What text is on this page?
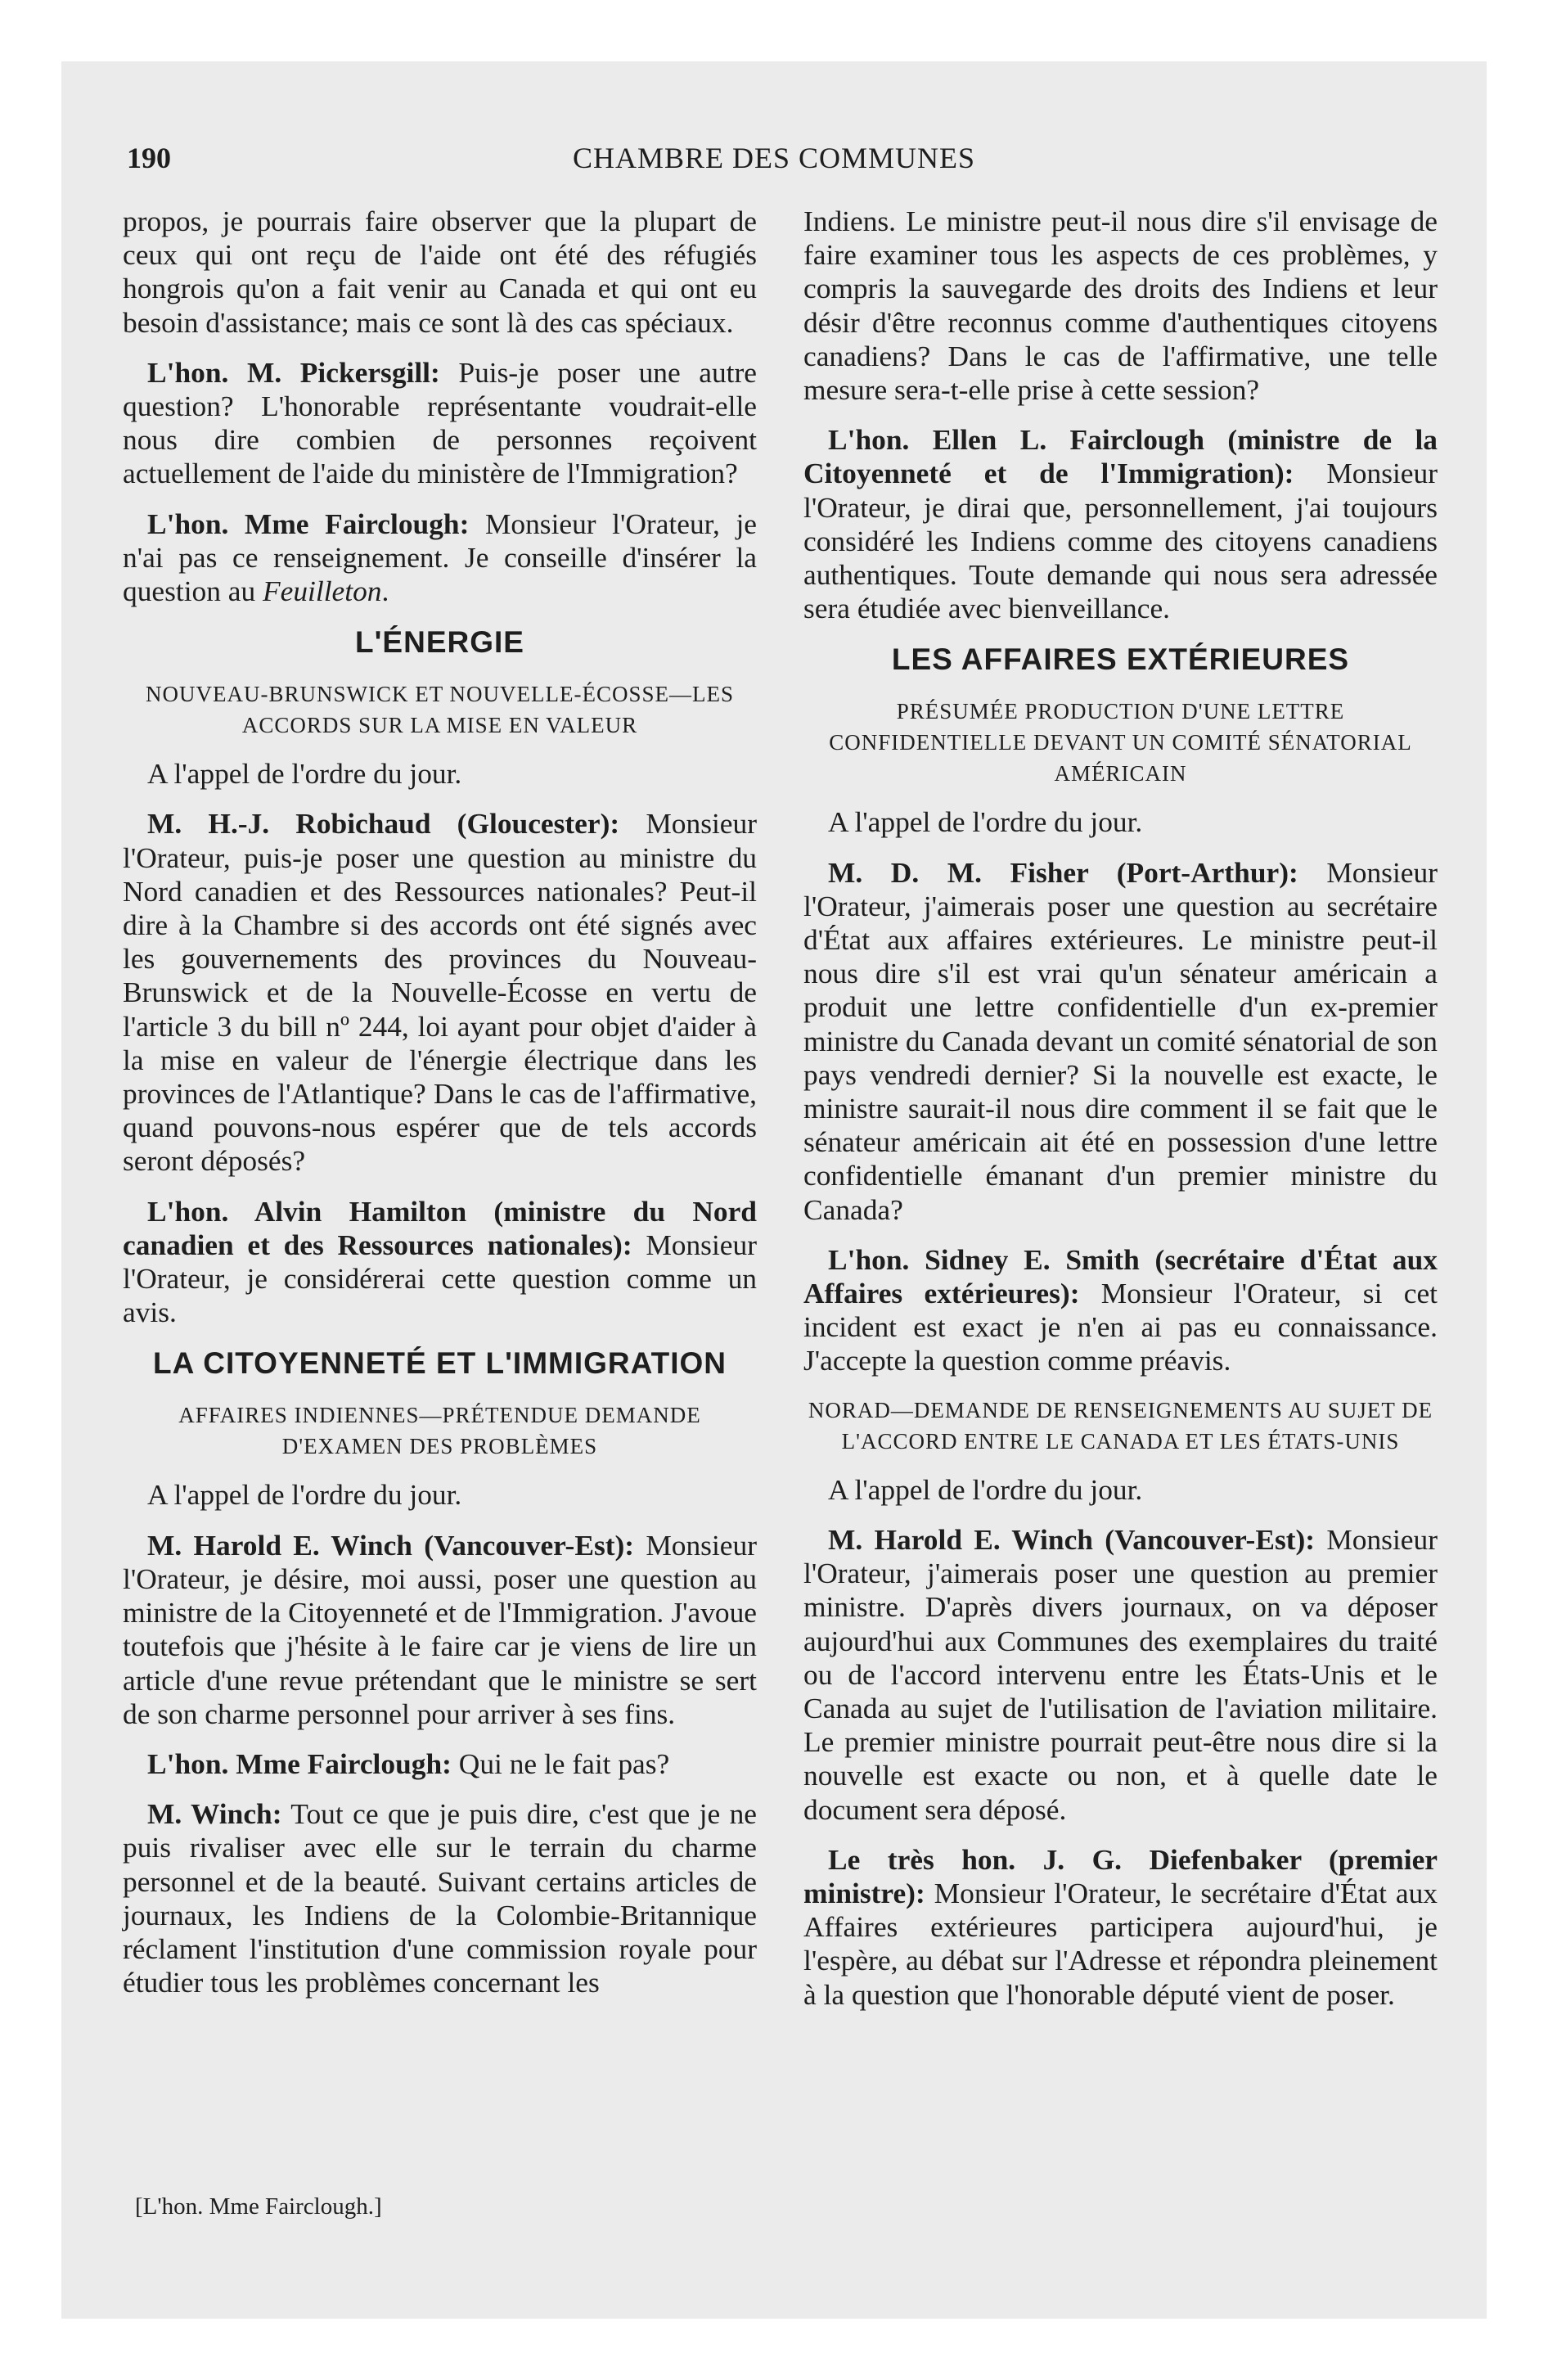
190	CHAMBRE DES COMMUNES

propos, je pourrais faire observer que la plupart de ceux qui ont reçu de l'aide ont été des réfugiés hongrois qu'on a fait venir au Canada et qui ont eu besoin d'assistance; mais ce sont là des cas spéciaux.

L'hon. M. Pickersgill: Puis-je poser une autre question? L'honorable représentante voudrait-elle nous dire combien de personnes reçoivent actuellement de l'aide du ministère de l'Immigration?

L'hon. Mme Fairclough: Monsieur l'Orateur, je n'ai pas ce renseignement. Je conseille d'insérer la question au Feuilleton.

L'ÉNERGIE
NOUVEAU-BRUNSWICK ET NOUVELLE-ÉCOSSE—LES ACCORDS SUR LA MISE EN VALEUR

A l'appel de l'ordre du jour.

M. H.-J. Robichaud (Gloucester): Monsieur l'Orateur, puis-je poser une question au ministre du Nord canadien et des Ressources nationales? Peut-il dire à la Chambre si des accords ont été signés avec les gouvernements des provinces du Nouveau-Brunswick et de la Nouvelle-Écosse en vertu de l'article 3 du bill nº 244, loi ayant pour objet d'aider à la mise en valeur de l'énergie électrique dans les provinces de l'Atlantique? Dans le cas de l'affirmative, quand pouvons-nous espérer que de tels accords seront déposés?

L'hon. Alvin Hamilton (ministre du Nord canadien et des Ressources nationales): Monsieur l'Orateur, je considérerai cette question comme un avis.

LA CITOYENNETÉ ET L'IMMIGRATION
AFFAIRES INDIENNES—PRÉTENDUE DEMANDE D'EXAMEN DES PROBLÈMES

A l'appel de l'ordre du jour.

M. Harold E. Winch (Vancouver-Est): Monsieur l'Orateur, je désire, moi aussi, poser une question au ministre de la Citoyenneté et de l'Immigration. J'avoue toutefois que j'hésite à le faire car je viens de lire un article d'une revue prétendant que le ministre se sert de son charme personnel pour arriver à ses fins.

L'hon. Mme Fairclough: Qui ne le fait pas?

M. Winch: Tout ce que je puis dire, c'est que je ne puis rivaliser avec elle sur le terrain du charme personnel et de la beauté. Suivant certains articles de journaux, les Indiens de la Colombie-Britannique réclament l'institution d'une commission royale pour étudier tous les problèmes concernant les

Indiens. Le ministre peut-il nous dire s'il envisage de faire examiner tous les aspects de ces problèmes, y compris la sauvegarde des droits des Indiens et leur désir d'être reconnus comme d'authentiques citoyens canadiens? Dans le cas de l'affirmative, une telle mesure sera-t-elle prise à cette session?

L'hon. Ellen L. Fairclough (ministre de la Citoyenneté et de l'Immigration): Monsieur l'Orateur, je dirai que, personnellement, j'ai toujours considéré les Indiens comme des citoyens canadiens authentiques. Toute demande qui nous sera adressée sera étudiée avec bienveillance.

LES AFFAIRES EXTÉRIEURES
PRÉSUMÉE PRODUCTION D'UNE LETTRE CONFIDENTIELLE DEVANT UN COMITÉ SÉNATORIAL AMÉRICAIN

A l'appel de l'ordre du jour.

M. D. M. Fisher (Port-Arthur): Monsieur l'Orateur, j'aimerais poser une question au secrétaire d'État aux affaires extérieures. Le ministre peut-il nous dire s'il est vrai qu'un sénateur américain a produit une lettre confidentielle d'un ex-premier ministre du Canada devant un comité sénatorial de son pays vendredi dernier? Si la nouvelle est exacte, le ministre saurait-il nous dire comment il se fait que le sénateur américain ait été en possession d'une lettre confidentielle émanant d'un premier ministre du Canada?

L'hon. Sidney E. Smith (secrétaire d'État aux Affaires extérieures): Monsieur l'Orateur, si cet incident est exact je n'en ai pas eu connaissance. J'accepte la question comme préavis.

NORAD—DEMANDE DE RENSEIGNEMENTS AU SUJET DE L'ACCORD ENTRE LE CANADA ET LES ÉTATS-UNIS

A l'appel de l'ordre du jour.

M. Harold E. Winch (Vancouver-Est): Monsieur l'Orateur, j'aimerais poser une question au premier ministre. D'après divers journaux, on va déposer aujourd'hui aux Communes des exemplaires du traité ou de l'accord intervenu entre les États-Unis et le Canada au sujet de l'utilisation de l'aviation militaire. Le premier ministre pourrait peut-être nous dire si la nouvelle est exacte ou non, et à quelle date le document sera déposé.

Le très hon. J. G. Diefenbaker (premier ministre): Monsieur l'Orateur, le secrétaire d'État aux Affaires extérieures participera aujourd'hui, je l'espère, au débat sur l'Adresse et répondra pleinement à la question que l'honorable député vient de poser.

[L'hon. Mme Fairclough.]
